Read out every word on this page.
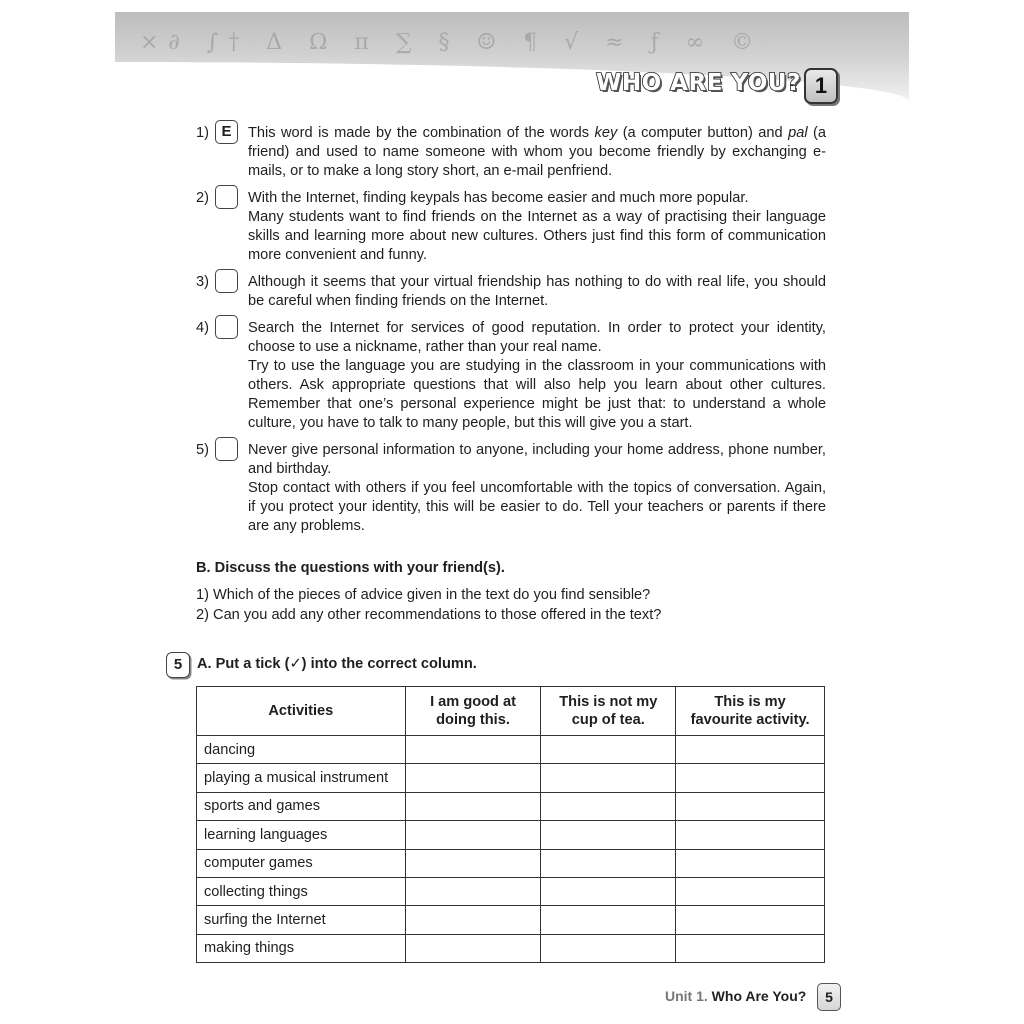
×∂ ∫† Δ Ω π ∑ § ☺ ¶ √ ≈ ƒ ∞ ©
WHO ARE YOU? 1
1) E	This word is made by the combination of the words key (a computer button) and pal (a friend) and used to name someone with whom you become friendly by exchanging e-mails, or to make a long story short, an e-mail penfriend.

2)	With the Internet, finding keypals has become easier and much more popular.

Many students want to find friends on the Internet as a way of practising their language skills and learning more about new cultures. Others just find this form of communication more convenient and funny.

3)	Although it seems that your virtual friendship has nothing to do with real life, you should be careful when finding friends on the Internet.

4)	Search the Internet for services of good reputation. In order to protect your identity, choose to use a nickname, rather than your real name.

Try to use the language you are studying in the classroom in your communications with others. Ask appropriate questions that will also help you learn about other cultures. Remember that one’s personal experience might be just that: to understand a whole culture, you have to talk to many people, but this will give you a start.

5)	Never give personal information to anyone, including your home address, phone number, and birthday.

Stop contact with others if you feel uncomfortable with the topics of conversation. Again, if you protect your identity, this will be easier to do. Tell your teachers or parents if there are any problems.

B. Discuss the questions with your friend(s).
1) Which of the pieces of advice given in the text do you find sensible?
2) Can you add any other recommendations to those offered in the text?
5	A. Put a tick (✓) into the correct column.
Activities	I am good at doing this.	This is not my cup of tea.	This is my favourite activity.
dancing			
playing a musical instrument			
sports and games			
learning languages			
computer games			
collecting things			
surfing the Internet			
making things			
Unit 1. Who Are You?	5
